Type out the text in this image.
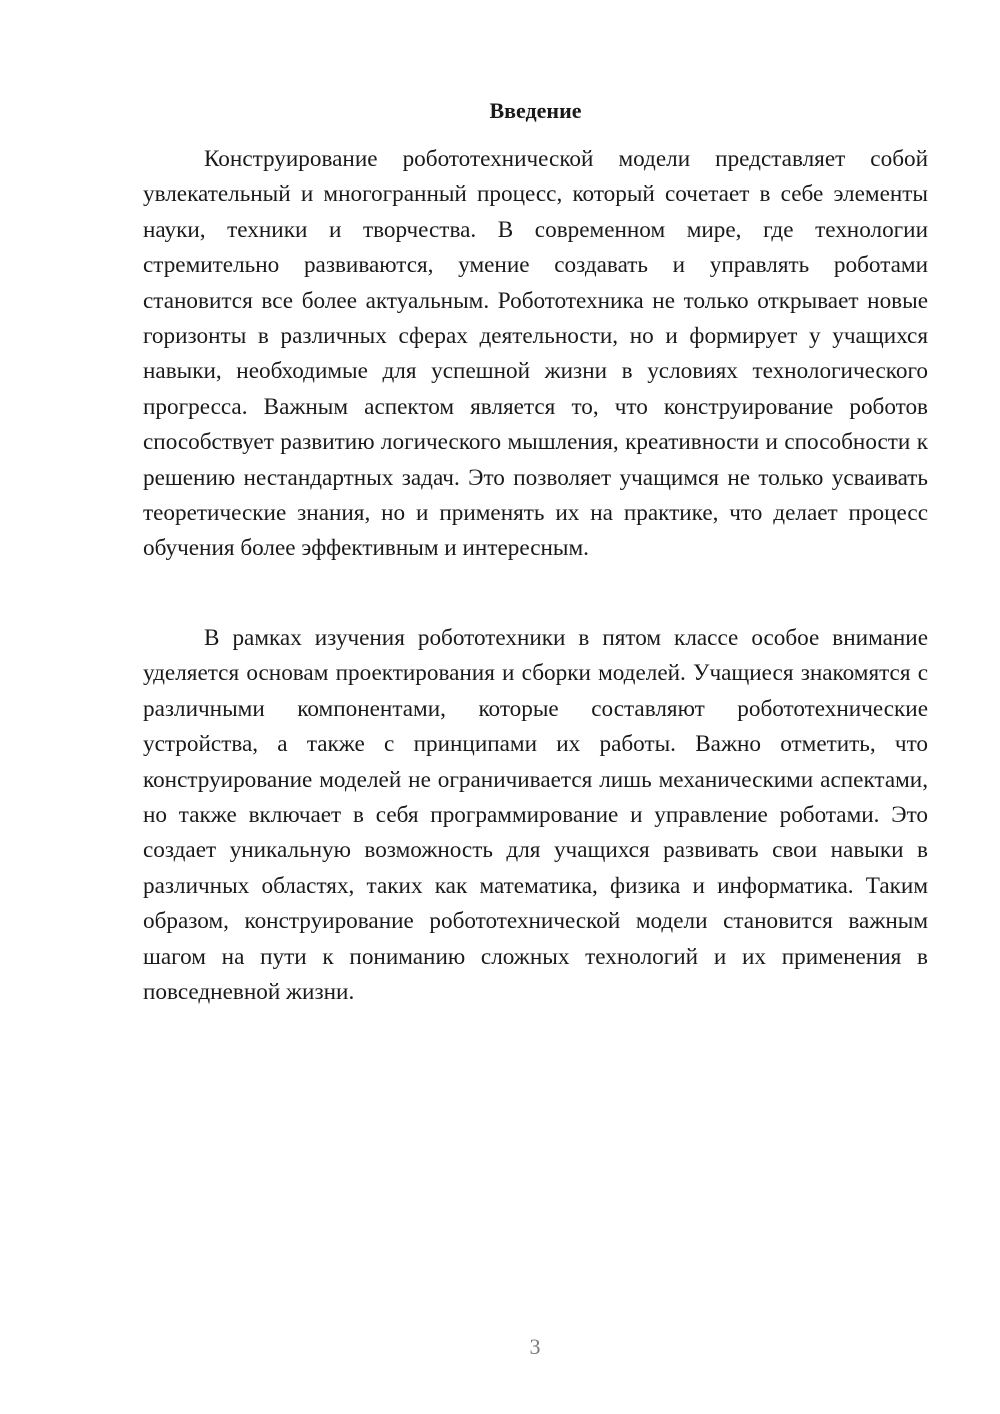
Введение

Конструирование робототехнической модели представляет собой увлекательный и многогранный процесс, который сочетает в себе элементы науки, техники и творчества. В современном мире, где технологии стремительно развиваются, умение создавать и управлять роботами становится все более актуальным. Робототехника не только открывает новые горизонты в различных сферах деятельности, но и формирует у учащихся навыки, необходимые для успешной жизни в условиях технологического прогресса. Важным аспектом является то, что конструирование роботов способствует развитию логического мышления, креативности и способности к решению нестандартных задач. Это позволяет учащимся не только усваивать теоретические знания, но и применять их на практике, что делает процесс обучения более эффективным и интересным.

В рамках изучения робототехники в пятом классе особое внимание уделяется основам проектирования и сборки моделей. Учащиеся знакомятся с различными компонентами, которые составляют робототехнические устройства, а также с принципами их работы. Важно отметить, что конструирование моделей не ограничивается лишь механическими аспектами, но также включает в себя программирование и управление роботами. Это создает уникальную возможность для учащихся развивать свои навыки в различных областях, таких как математика, физика и информатика. Таким образом, конструирование робототехнической модели становится важным шагом на пути к пониманию сложных технологий и их применения в повседневной жизни.

3
